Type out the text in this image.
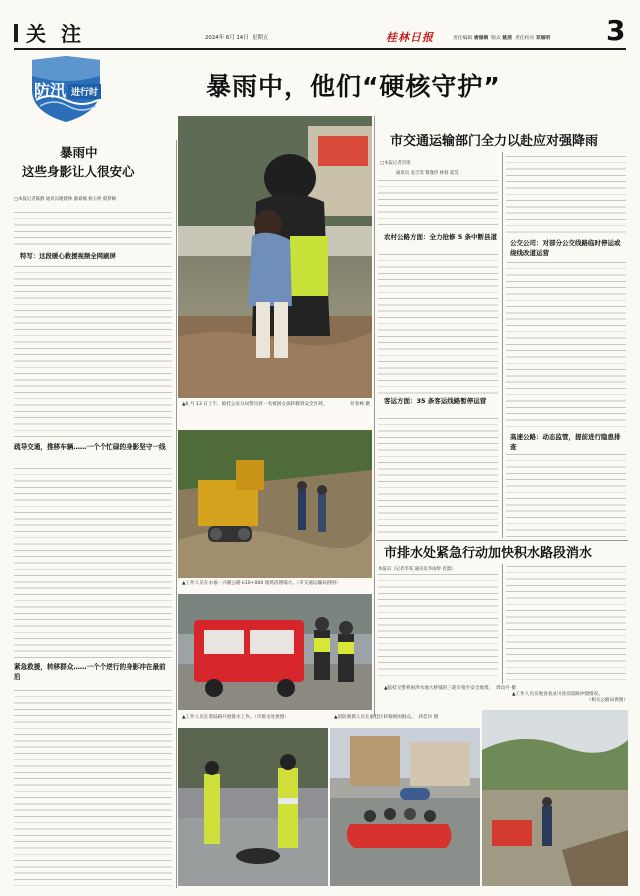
关 注	2024年 6月 14日 星期五	桂林日报	责任编辑 唐丽娴 版式 姚茜 责任校对 邓丽明 3
防汛 进行时	暴雨中，他们“硬核守护”
暴雨中
这些身影让人很安心
□本报记者陈静 通讯员谢建林 廖嘉楠 杨玉婷 蔡梦娴
特写：这段暖心救援视频全网刷屏
疏导交通，推移车辆……一个个忙碌的身影坚守一线
紧急救援，转移群众……一个个逆行的身影冲在最前沿
▲6 月 13 日上午，临桂公安分局警员将一名被困女孩转移到安全区域。	符春林 摄
▲工作人员在永福一兴隆公路 k10+000 现场清理塌方。（市交通运输局供图）
市交通运输部门全力以赴应对强降雨
□本报记者肖瑶
通讯员 袁吉雯 黎逢洪 林蓉 夏昊
农村公路方面：全力抢修 5 条中断县道
客运方面：35 条客运线路暂停运营
公交公司：对部分公交线路临时停运或绕线改道运营
高速公路：动态监管，提前进行隐患排查
市排水处紧急行动加快积水路段消水
本报讯（记者李雯 通讯员李雨婷 肖潇）
▲临桂交警将困涉水地大桥铺的三轮车推至安全地带。 周汝丹 摄
▲工作人员实地查看灵川县消道路冲毁情况。

（相关公路局供图）
▲工作人员在着陆路开展排水工作。（市排水处供图）	▲消防救援人员在临桂区转移被困群众。 蒋佳玲 摄
